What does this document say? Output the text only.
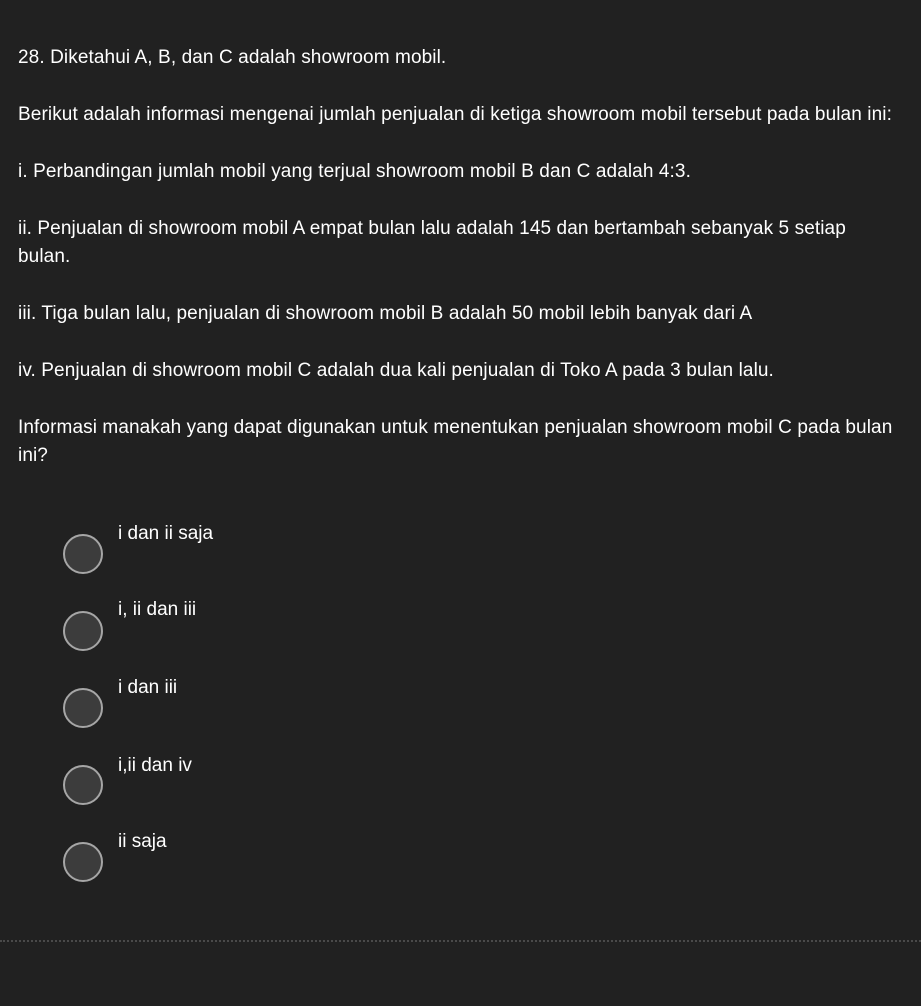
28. Diketahui A, B, dan C adalah showroom mobil.
Berikut adalah informasi mengenai jumlah penjualan di ketiga showroom mobil tersebut pada bulan ini:
i. Perbandingan jumlah mobil yang terjual showroom mobil B dan C adalah 4:3.
ii. Penjualan di showroom mobil A empat bulan lalu adalah 145 dan bertambah sebanyak 5 setiap
bulan.
iii. Tiga bulan lalu, penjualan di showroom mobil B adalah 50 mobil lebih banyak dari A
iv. Penjualan di showroom mobil C adalah dua kali penjualan di Toko A pada 3 bulan lalu.
Informasi manakah yang dapat digunakan untuk menentukan penjualan showroom mobil C pada bulan
ini?
i dan ii saja
i, ii dan iii
i dan iii
i,ii dan iv
ii saja
